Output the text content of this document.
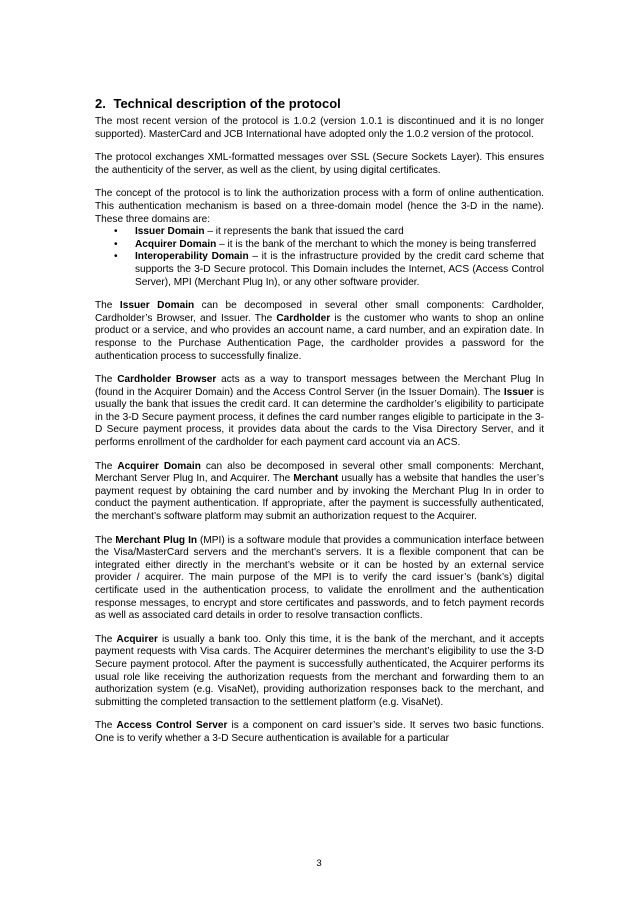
2. Technical description of the protocol

The most recent version of the protocol is 1.0.2 (version 1.0.1 is discontinued and it is no longer supported). MasterCard and JCB International have adopted only the 1.0.2 version of the protocol.

The protocol exchanges XML-formatted messages over SSL (Secure Sockets Layer). This ensures the authenticity of the server, as well as the client, by using digital certificates.

The concept of the protocol is to link the authorization process with a form of online authentication. This authentication mechanism is based on a three-domain model (hence the 3-D in the name). These three domains are:

• Issuer Domain – it represents the bank that issued the card
• Acquirer Domain – it is the bank of the merchant to which the money is being transferred
• Interoperability Domain – it is the infrastructure provided by the credit card scheme that supports the 3-D Secure protocol. This Domain includes the Internet, ACS (Access Control Server), MPI (Merchant Plug In), or any other software provider.

The Issuer Domain can be decomposed in several other small components: Cardholder, Cardholder’s Browser, and Issuer. The Cardholder is the customer who wants to shop an online product or a service, and who provides an account name, a card number, and an expiration date. In response to the Purchase Authentication Page, the cardholder provides a password for the authentication process to successfully finalize.

The Cardholder Browser acts as a way to transport messages between the Merchant Plug In (found in the Acquirer Domain) and the Access Control Server (in the Issuer Domain). The Issuer is usually the bank that issues the credit card. It can determine the cardholder’s eligibility to participate in the 3-D Secure payment process, it defines the card number ranges eligible to participate in the 3-D Secure payment process, it provides data about the cards to the Visa Directory Server, and it performs enrollment of the cardholder for each payment card account via an ACS.

The Acquirer Domain can also be decomposed in several other small components: Merchant, Merchant Server Plug In, and Acquirer. The Merchant usually has a website that handles the user’s payment request by obtaining the card number and by invoking the Merchant Plug In in order to conduct the payment authentication. If appropriate, after the payment is successfully authenticated, the merchant’s software platform may submit an authorization request to the Acquirer.

The Merchant Plug In (MPI) is a software module that provides a communication interface between the Visa/MasterCard servers and the merchant’s servers. It is a flexible component that can be integrated either directly in the merchant’s website or it can be hosted by an external service provider / acquirer. The main purpose of the MPI is to verify the card issuer’s (bank’s) digital certificate used in the authentication process, to validate the enrollment and the authentication response messages, to encrypt and store certificates and passwords, and to fetch payment records as well as associated card details in order to resolve transaction conflicts.

The Acquirer is usually a bank too. Only this time, it is the bank of the merchant, and it accepts payment requests with Visa cards. The Acquirer determines the merchant’s eligibility to use the 3-D Secure payment protocol. After the payment is successfully authenticated, the Acquirer performs its usual role like receiving the authorization requests from the merchant and forwarding them to an authorization system (e.g. VisaNet), providing authorization responses back to the merchant, and submitting the completed transaction to the settlement platform (e.g. VisaNet).

The Access Control Server is a component on card issuer’s side. It serves two basic functions. One is to verify whether a 3-D Secure authentication is available for a particular

3
